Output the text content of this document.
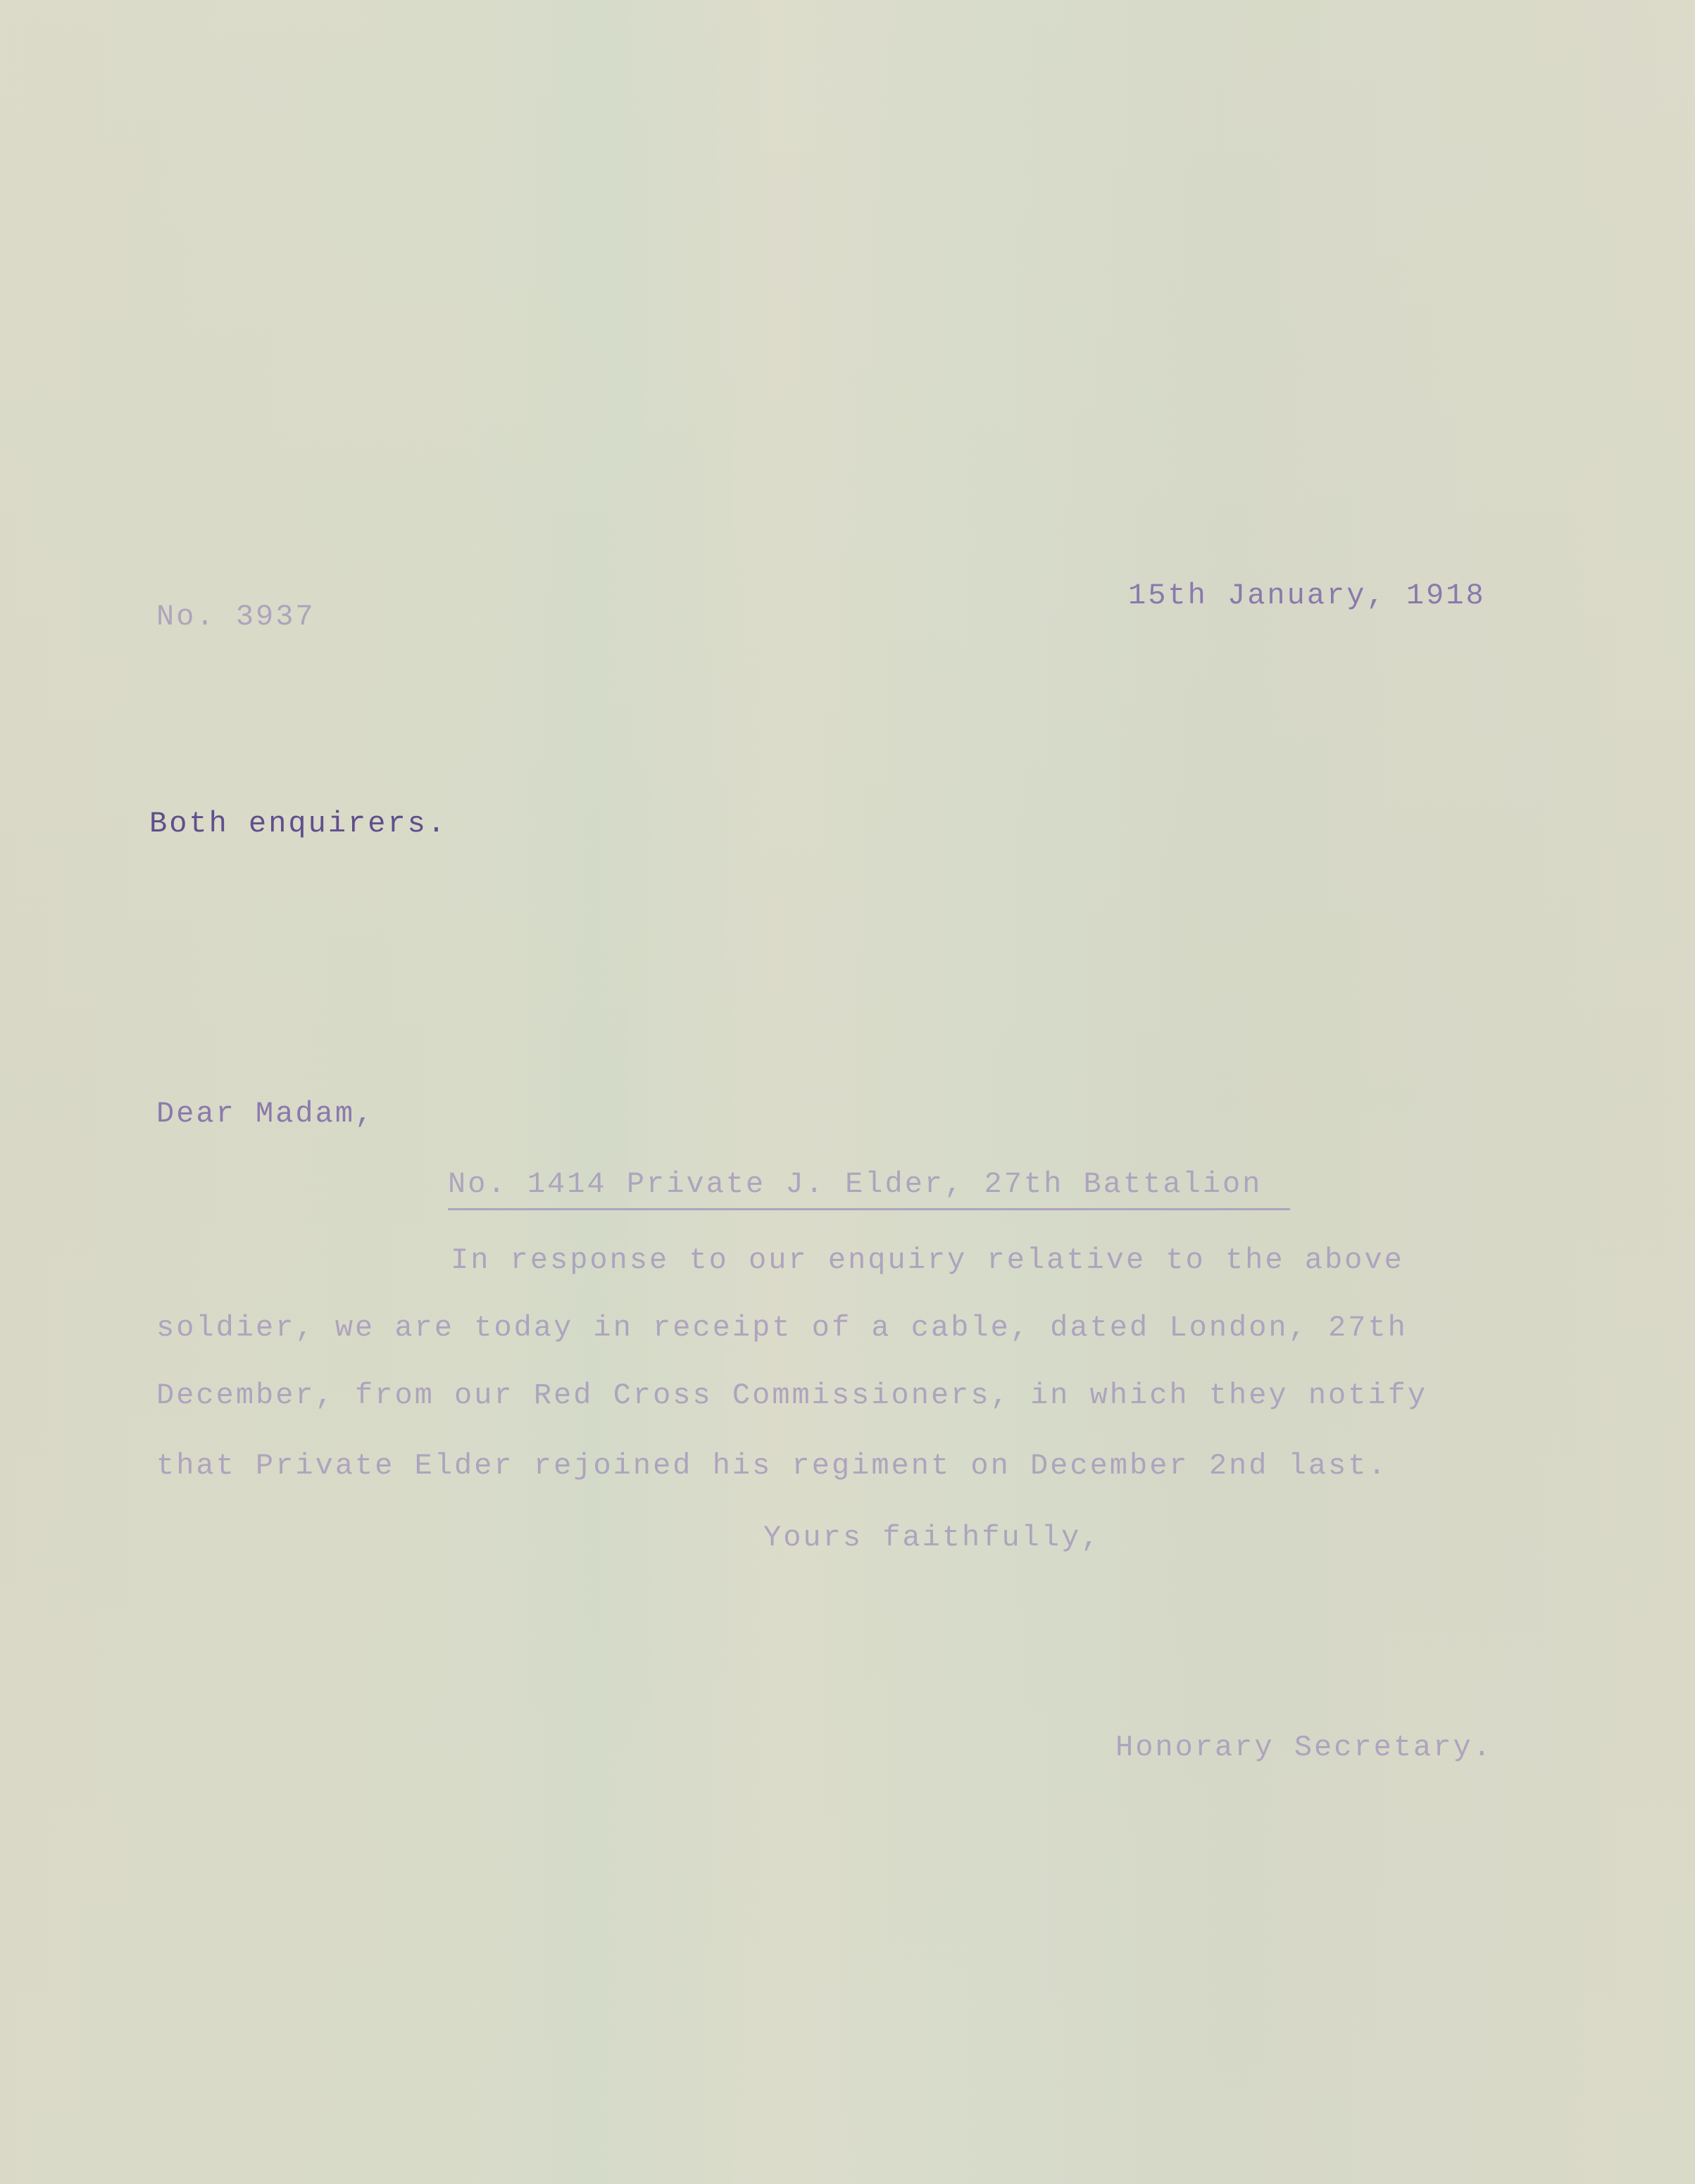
No. 3937
15th January, 1918
Both enquirers.
Dear Madam,
No. 1414 Private J. Elder, 27th Battalion
In response to our enquiry relative to the above
soldier, we are today in receipt of a cable, dated London, 27th
December, from our Red Cross Commissioners, in which they notify
that Private Elder rejoined his regiment on December 2nd last.
Yours faithfully,
Honorary Secretary.
